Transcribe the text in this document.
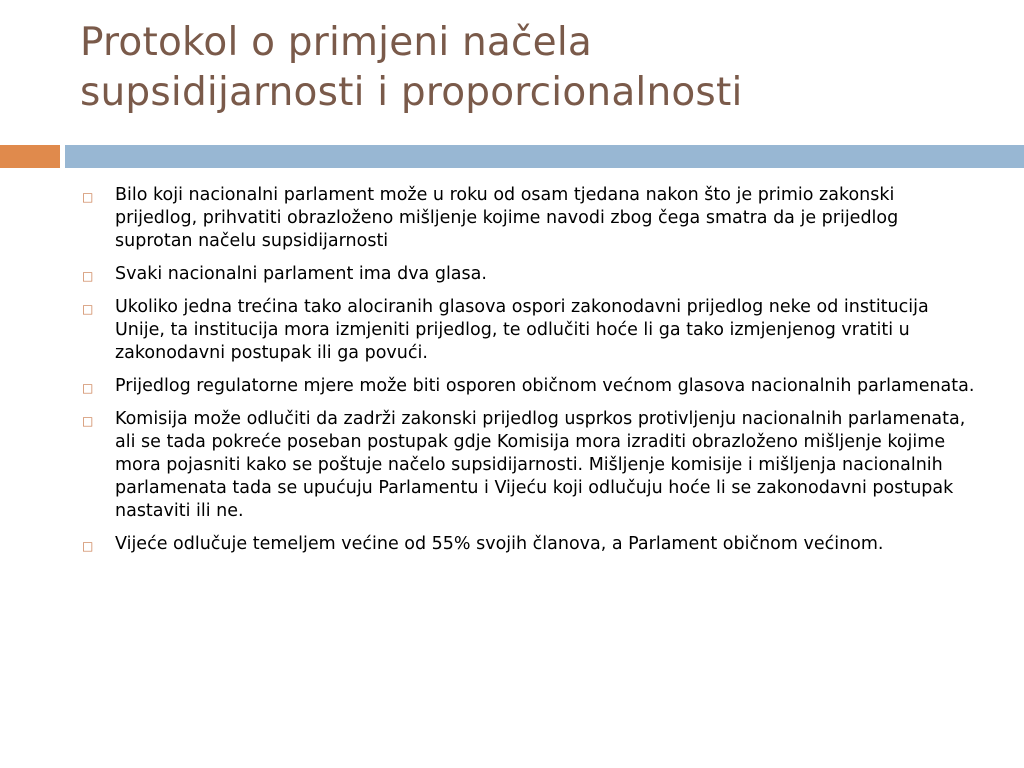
Protokol o primjeni načela
supsidijarnosti i proporcionalnosti
□ Bilo koji nacionalni parlament može u roku od osam tjedana nakon što je primio zakonski prijedlog, prihvatiti obrazloženo mišljenje kojime navodi zbog čega smatra da je prijedlog suprotan načelu supsidijarnosti
□ Svaki nacionalni parlament ima dva glasa.
□ Ukoliko jedna trećina tako alociranih glasova ospori zakonodavni prijedlog neke od institucija Unije, ta institucija mora izmjeniti prijedlog, te odlučiti hoće li ga tako izmjenjenog vratiti u zakonodavni postupak ili ga povući.
□ Prijedlog regulatorne mjere može biti osporen običnom većnom glasova nacionalnih parlamenata.
□ Komisija može odlučiti da zadrži zakonski prijedlog usprkos protivljenju nacionalnih parlamenata, ali se tada pokreće poseban postupak gdje Komisija mora izraditi obrazloženo mišljenje kojime mora pojasniti kako se poštuje načelo supsidijarnosti. Mišljenje komisije i mišljenja nacionalnih parlamenata tada se upućuju Parlamentu i Vijeću koji odlučuju hoće li se zakonodavni postupak nastaviti ili ne.
□ Vijeće odlučuje temeljem većine od 55% svojih članova, a Parlament običnom većinom.
